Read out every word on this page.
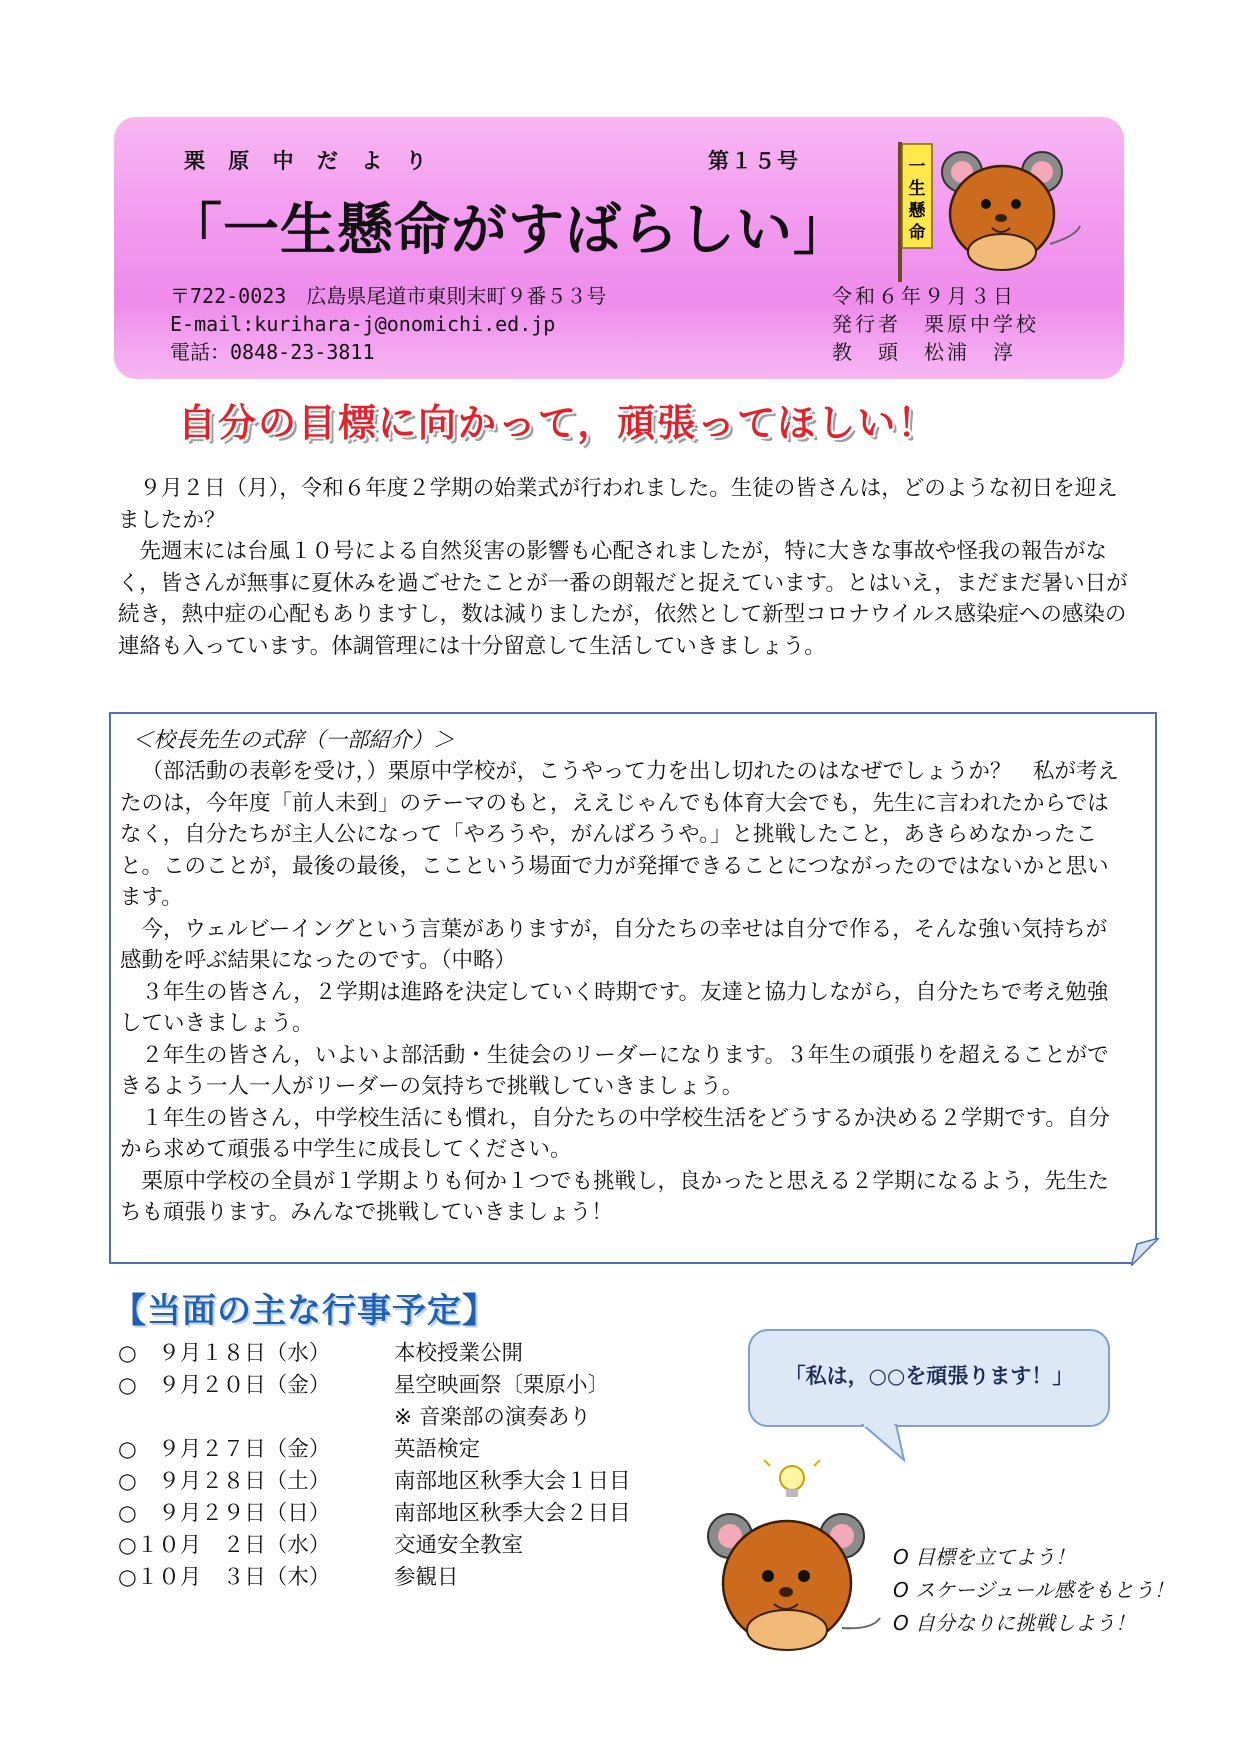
栗 原 中 だ よ り	第１５号
「一生懸命がすばらしい」
〒722-0023　広島県尾道市東則末町９番５３号
E-mail:kurihara-j@onomichi.ed.jp
電話：0848-23-3811
令和６年９月３日
発行者　栗原中学校
教　頭　松浦　淳
一
生
懸
命
自分の目標に向かって，頑張ってほしい！

９月２日（月），令和６年度２学期の始業式が行われました。生徒の皆さんは，どのような初日を迎えましたか？

先週末には台風１０号による自然災害の影響も心配されましたが，特に大きな事故や怪我の報告がなく，皆さんが無事に夏休みを過ごせたことが一番の朗報だと捉えています。とはいえ，まだまだ暑い日が続き，熱中症の心配もありますし，数は減りましたが，依然として新型コロナウイルス感染症への感染の連絡も入っています。体調管理には十分留意して生活していきましょう。

＜校長先生の式辞（一部紹介）＞

（部活動の表彰を受け，）栗原中学校が，こうやって力を出し切れたのはなぜでしょうか？　私が考えたのは，今年度「前人未到」のテーマのもと，ええじゃんでも体育大会でも，先生に言われたからではなく，自分たちが主人公になって「やろうや，がんばろうや。」と挑戦したこと，あきらめなかったこと。このことが，最後の最後，ここという場面で力が発揮できることにつながったのではないかと思います。

今，ウェルビーイングという言葉がありますが，自分たちの幸せは自分で作る，そんな強い気持ちが感動を呼ぶ結果になったのです。（中略）

３年生の皆さん，２学期は進路を決定していく時期です。友達と協力しながら，自分たちで考え勉強していきましょう。

２年生の皆さん，いよいよ部活動・生徒会のリーダーになります。３年生の頑張りを超えることができるよう一人一人がリーダーの気持ちで挑戦していきましょう。

１年生の皆さん，中学校生活にも慣れ，自分たちの中学校生活をどうするか決める２学期です。自分から求めて頑張る中学生に成長してください。

栗原中学校の全員が１学期よりも何か１つでも挑戦し，良かったと思える２学期になるよう，先生たちも頑張ります。みんなで挑戦していきましょう！

【当面の主な行事予定】
○　９月１８日（水）	本校授業公開
○　９月２０日（金）	星空映画祭〔栗原小〕
※ 音楽部の演奏あり
○　９月２７日（金）	英語検定
○　９月２８日（土）	南部地区秋季大会１日目
○　９月２９日（日）	南部地区秋季大会２日目
○１０月　２日（水）	交通安全教室
○１０月　３日（木）	参観日
「私は，○○を頑張ります！」
O 目標を立てよう！
O スケージュール感をもとう！
O 自分なりに挑戦しよう！
